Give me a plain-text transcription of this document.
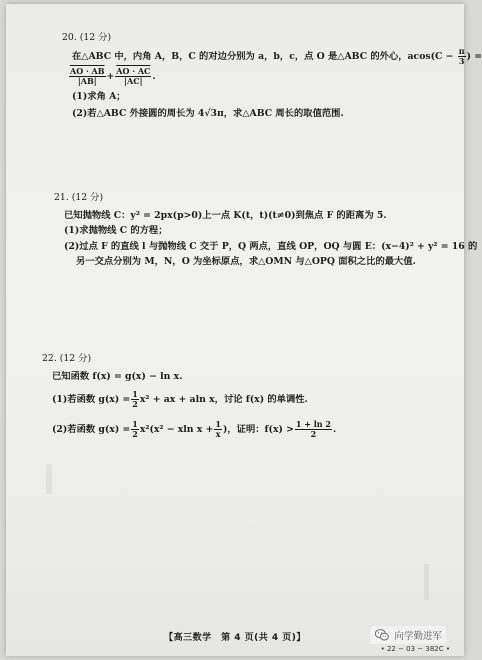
20. (12 分)
在△ABC 中，内角 A，B，C 的对边分别为 a，b，c，点 O 是△ABC 的外心，$acos(C - \frac{\pi}{3}$ ) =
$\frac{AO \cdot AB}{|AB|} + \frac{AO \cdot AC}{|AC|}$ .
(1)求角 A；
(2)若△ABC 外接圆的周长为 4√3π，求△ABC 周长的取值范围.
21. (12 分)
已知抛物线 C：y² = 2px(p>0)上一点 K(t，t)(t≠0)到焦点 F 的距离为 5.
(1)求抛物线 C 的方程；
(2)过点 F 的直线 l 与抛物线 C 交于 P，Q 两点，直线 OP，OQ 与圆 E：(x−4)² + y² = 16 的
另一交点分别为 M，N，O 为坐标原点，求△OMN 与△OPQ 面积之比的最大值.
22. (12 分)
已知函数 f(x) = g(x) − ln x.
(1)若函数 $g(x) = \frac{1}{2} x^2$ + ax + aln x，讨论 f(x) 的单调性.
(2)若函数 $g(x) = \frac{1}{2} x^2(x^2 - xln$ $x + \frac{1}{x}$ )，证明：$f(x) > \frac{1 + \ln 2}{2}$ .
【高三数学　第 4 页(共 4 页)】
• 22 − 03 − 382C •
向学勤进军
